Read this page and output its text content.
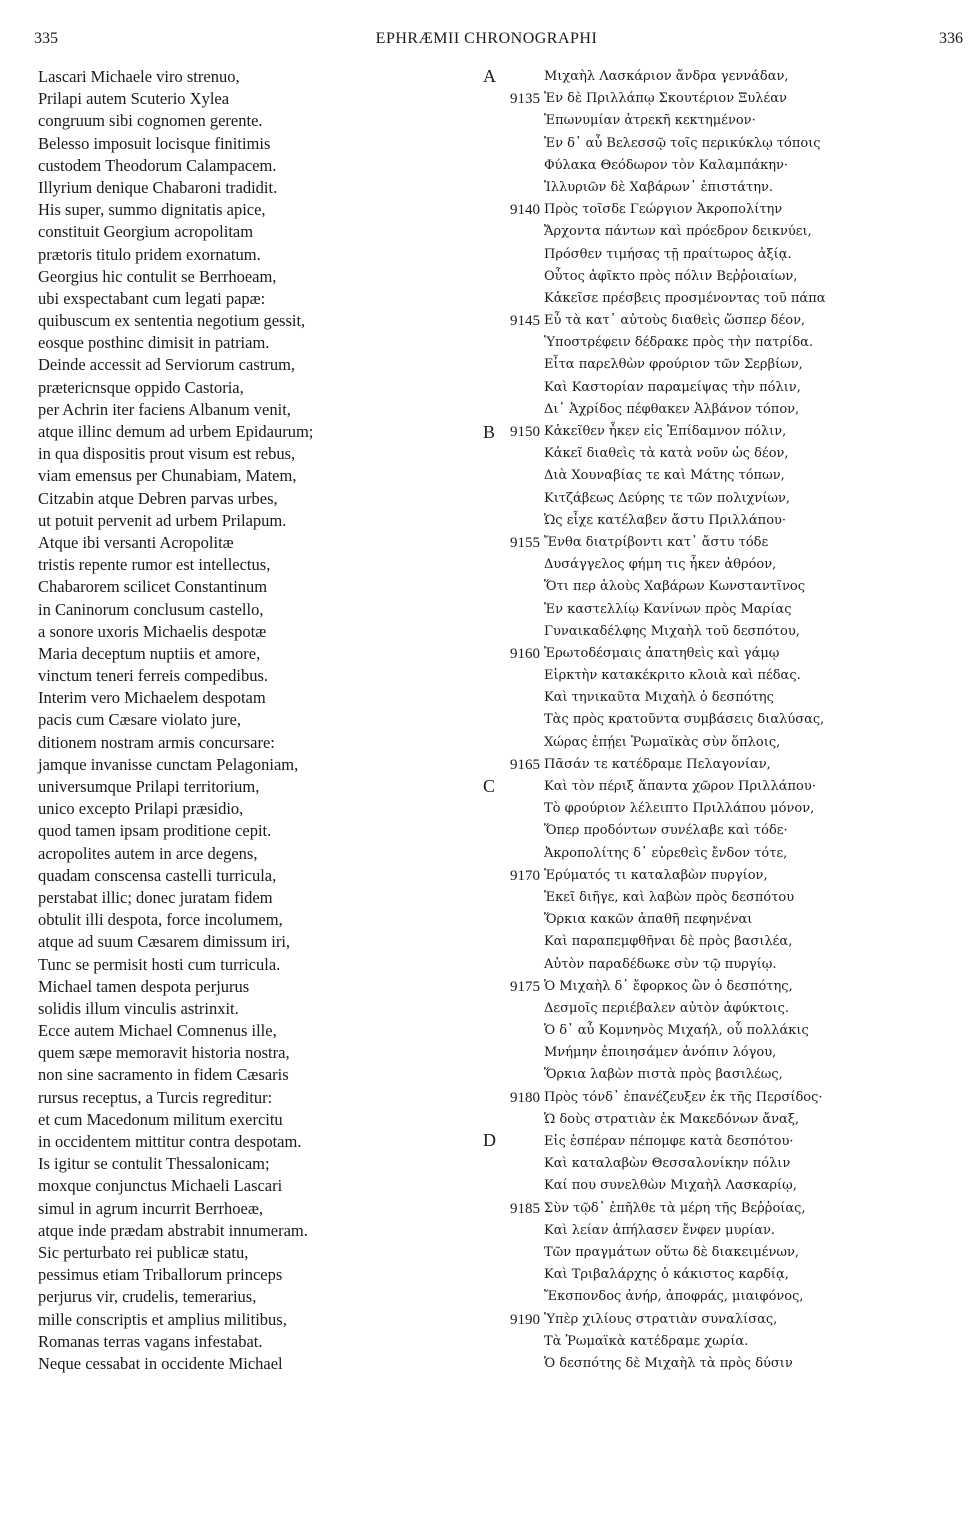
335	EPHRÆMII CHRONOGRAPHI	336
A
B
C
D
Lascari Michaele viro strenuo,
Prilapi autem Scuterio Xylea
congruum sibi cognomen gerente.
Belesso imposuit locisque finitimis
custodem Theodorum Calampacem.
Illyrium denique Chabaroni tradidit.
His super, summo dignitatis apice,
constituit Georgium acropolitam
prætoris titulo pridem exornatum.
Georgius hic contulit se Berrhoeam,
ubi exspectabant cum legati papæ:
quibuscum ex sententia negotium gessit,
eosque posthinc dimisit in patriam.
Deinde accessit ad Serviorum castrum,
prætericnsque oppido Castoria,
per Achrin iter faciens Albanum venit,
atque illinc demum ad urbem Epidaurum;
in qua dispositis prout visum est rebus,
viam emensus per Chunabiam, Matem,
Citzabin atque Debren parvas urbes,
ut potuit pervenit ad urbem Prilapum.
Atque ibi versanti Acropolitæ
tristis repente rumor est intellectus,
Chabarorem scilicet Constantinum
in Caninorum conclusum castello,
a sonore uxoris Michaelis despotæ
Maria deceptum nuptiis et amore,
vinctum teneri ferreis compedibus.
Interim vero Michaelem despotam
pacis cum Cæsare violato jure,
ditionem nostram armis concursare:
jamque invanisse cunctam Pelagoniam,
universumque Prilapi territorium,
unico excepto Prilapi præsidio,
quod tamen ipsam proditione cepit.
acropolites autem in arce degens,
quadam conscensa castelli turricula,
perstabat illic; donec juratam fidem
obtulit illi despota, force incolumem,
atque ad suum Cæsarem dimissum iri,
Tunc se permisit hosti cum turricula.
Michael tamen despota perjurus
solidis illum vinculis astrinxit.
Ecce autem Michael Comnenus ille,
quem sæpe memoravit historia nostra,
non sine sacramento in fidem Cæsaris
rursus receptus, a Turcis regreditur:
et cum Macedonum militum exercitu
in occidentem mittitur contra despotam.
Is igitur se contulit Thessalonicam;
moxque conjunctus Michaeli Lascari
simul in agrum incurrit Berrhoeæ,
atque inde prædam abstrabit innumeram.
Sic perturbato rei publicæ statu,
pessimus etiam Triballorum princeps
perjurus vir, crudelis, temerarius,
mille conscriptis et amplius militibus,
Romanas terras vagans infestabat.
Neque cessabat in occidente Michael
Μιχαὴλ Λασκάριον ἄνδρα γεννάδαν,
9135 Ἐν δὲ Πριλλάπῳ Σκουτέριον Ξυλέαν
Ἐπωνυμίαν ἀτρεκῆ κεκτημένον·
Ἐν δ᾽ αὖ Βελεσσῷ τοῖς περικύκλῳ τόποις
Φύλακα Θεόδωρον τὸν Καλαμπάκην·
Ἰλλυριῶν δὲ Χαβάρων᾽ ἐπιστάτην.
9140 Πρὸς τοῖσδε Γεώργιον Ἀκροπολίτην
Ἄρχοντα πάντων καὶ πρόεδρον δεικνύει,
Πρόσθεν τιμήσας τῇ πραίτωρος ἀξίᾳ.
Οὗτος ἀφῖκτο πρὸς πόλιν Βεῤῥοιαίων,
Κἀκεῖσε πρέσβεις προσμένοντας τοῦ πάπα
9145 Εὖ τὰ κατ᾽ αὐτοὺς διαθεὶς ὥσπερ δέον,
Ὑποστρέφειν δέδρακε πρὸς τὴν πατρίδα.
Εἶτα παρελθὼν φρούριον τῶν Σερβίων,
Καὶ Καστορίαν παραμείψας τὴν πόλιν,
Δι᾽ Ἀχρίδος πέφθακεν Ἀλβάνον τόπον,
9150 Κἀκεῖθεν ἧκεν εἰς Ἐπίδαμνον πόλιν,
Κἀκεῖ διαθεὶς τὰ κατὰ νοῦν ὡς δέον,
Διὰ Χουναβίας τε καὶ Μάτης τόπων,
Κιτζάβεως Δεύρης τε τῶν πολιχνίων,
Ὡς εἶχε κατέλαβεν ἄστυ Πριλλάπου·
9155 Ἔνθα διατρίβοντι κατ᾽ ἄστυ τόδε
Δυσάγγελος φήμη τις ἧκεν ἀθρόον,
Ὅτι περ ἁλοὺς Χαβάρων Κωνσταντῖνος
Ἐν καστελλίῳ Κανίνων πρὸς Μαρίας
Γυναικαδέλφης Μιχαὴλ τοῦ δεσπότου,
9160 Ἐρωτοδέσμαις ἀπατηθεὶς καὶ γάμῳ
Εἱρκτὴν κατακέκριτο κλοιὰ καὶ πέδας.
Καὶ τηνικαῦτα Μιχαὴλ ὁ δεσπότης
Τὰς πρὸς κρατοῦντα συμβάσεις διαλύσας,
Χώρας ἐπῄει Ῥωμαϊκὰς σὺν ὅπλοις,
9165 Πᾶσάν τε κατέδραμε Πελαγονίαν,
Καὶ τὸν πέριξ ἅπαντα χῶρον Πριλλάπου·
Τὸ φρούριον λέλειπτο Πριλλάπου μόνον,
Ὅπερ προδόντων συνέλαβε καὶ τόδε·
Ἀκροπολίτης δ᾽ εὑρεθεὶς ἔνδον τότε,
9170 Ἐρύματός τι καταλαβὼν πυργίον,
Ἐκεῖ διῆγε, καὶ λαβὼν πρὸς δεσπότου
Ὅρκια κακῶν ἀπαθῆ πεφηνέναι
Καὶ παραπεμφθῆναι δὲ πρὸς βασιλέα,
Αὐτὸν παραδέδωκε σὺν τῷ πυργίῳ.
9175 Ὁ Μιχαὴλ δ᾽ ἔφορκος ὢν ὁ δεσπότης,
Δεσμοῖς περιέβαλεν αὐτὸν ἀφύκτοις.
Ὁ δ᾽ αὖ Κομνηνὸς Μιχαήλ, οὗ πολλάκις
Μνήμην ἐποιησάμεν ἀνόπιν λόγου,
Ὅρκια λαβὼν πιστὰ πρὸς βασιλέως,
9180 Πρὸς τόνδ᾽ ἐπανέζευξεν ἐκ τῆς Περσίδος·
Ὡ δοὺς στρατιὰν ἐκ Μακεδόνων ἄναξ,
Εἰς ἑσπέραν πέπομφε κατὰ δεσπότου·
Καὶ καταλαβὼν Θεσσαλονίκην πόλιν
Καί που συνελθὼν Μιχαὴλ Λασκαρίῳ,
9185 Σὺν τῷδ᾽ ἐπῆλθε τὰ μέρη τῆς Βεῤῥοίας,
Καὶ λείαν ἀπήλασεν ἔνφεν μυρίαν.
Τῶν πραγμάτων οὕτω δὲ διακειμένων,
Καὶ Τριβαλάρχης ὁ κάκιστος καρδίᾳ,
Ἔκσπονδος ἀνήρ, ἀποφράς, μιαιφόνος,
9190 Ὑπὲρ χιλίους στρατιὰν συναλίσας,
Τὰ Ῥωμαϊκὰ κατέδραμε χωρία.
Ὁ δεσπότης δὲ Μιχαὴλ τὰ πρὸς δύσιν
